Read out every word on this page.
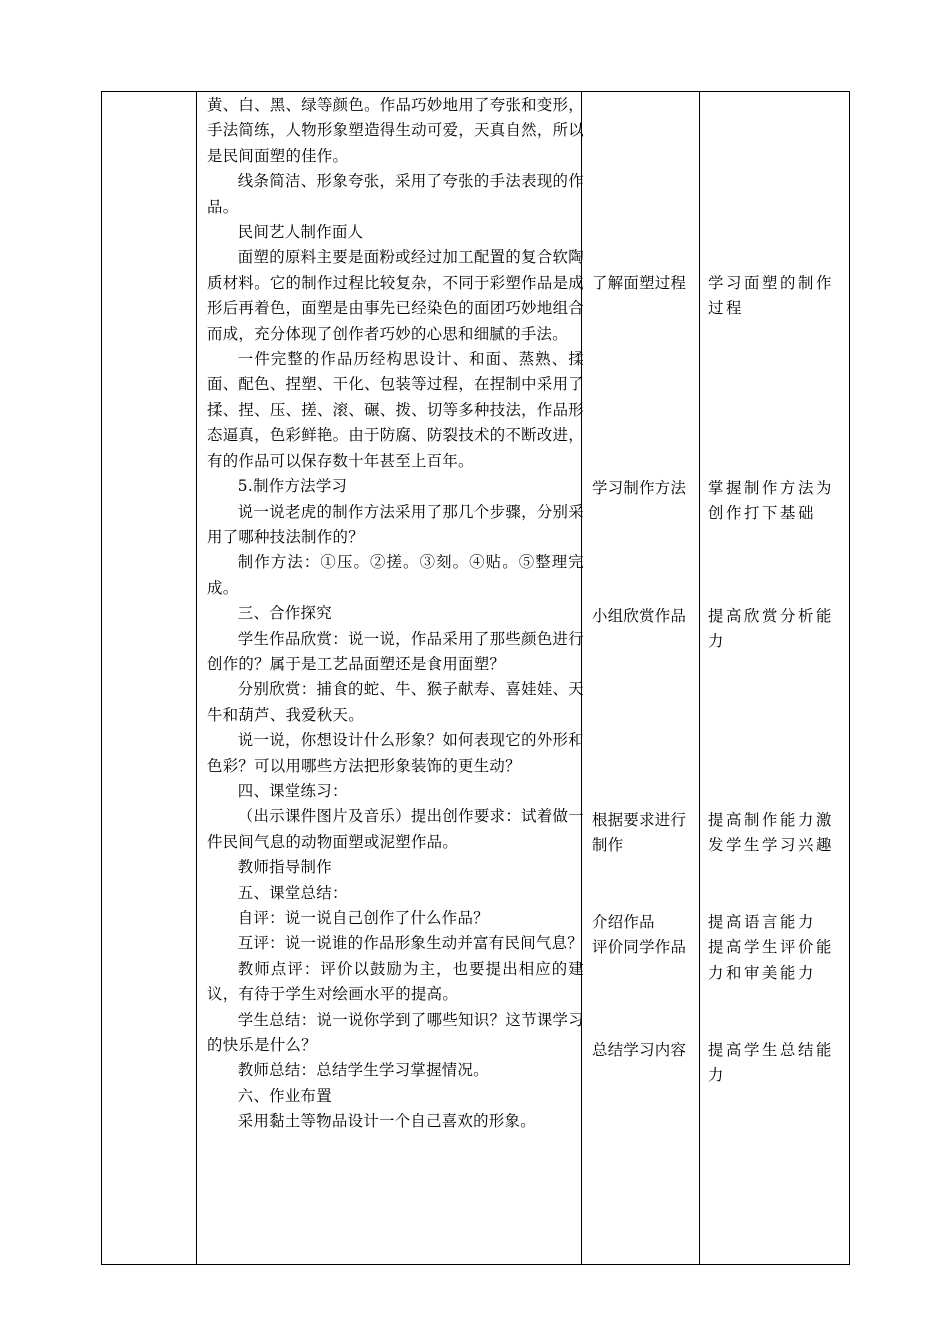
黄、白、黑、绿等颜色。作品巧妙地用了夸张和变形，手法简练，人物形象塑造得生动可爱，天真自然，所以是民间面塑的佳作。

线条简洁、形象夸张，采用了夸张的手法表现的作品。

民间艺人制作面人

面塑的原料主要是面粉或经过加工配置的复合软陶质材料。它的制作过程比较复杂，不同于彩塑作品是成形后再着色，面塑是由事先已经染色的面团巧妙地组合而成，充分体现了创作者巧妙的心思和细腻的手法。

一件完整的作品历经构思设计、和面、蒸熟、揉面、配色、捏塑、干化、包装等过程，在捏制中采用了揉、捏、压、搓、滚、碾、拨、切等多种技法，作品形态逼真，色彩鲜艳。由于防腐、防裂技术的不断改进，有的作品可以保存数十年甚至上百年。

5.制作方法学习

说一说老虎的制作方法采用了那几个步骤，分别采用了哪种技法制作的？

制作方法：①压。②搓。③刻。④贴。⑤整理完成。

三、合作探究

学生作品欣赏：说一说，作品采用了那些颜色进行创作的？属于是工艺品面塑还是食用面塑？

分别欣赏：捕食的蛇、牛、猴子献寿、喜娃娃、天牛和葫芦、我爱秋天。

说一说，你想设计什么形象？如何表现它的外形和色彩？可以用哪些方法把形象装饰的更生动？

四、课堂练习：

（出示课件图片及音乐）提出创作要求：试着做一件民间气息的动物面塑或泥塑作品。

教师指导制作

五、课堂总结：

自评：说一说自己创作了什么作品？

互评：说一说谁的作品形象生动并富有民间气息？

教师点评：评价以鼓励为主，也要提出相应的建议，有待于学生对绘画水平的提高。

学生总结：说一说你学到了哪些知识？这节课学习的快乐是什么？

教师总结：总结学生学习掌握情况。

六、作业布置

采用黏土等物品设计一个自己喜欢的形象。

了解面塑过程
学习制作方法
小组欣赏作品
根据要求进行
制作
介绍作品
评价同学作品
总结学习内容
学习面塑的制作
过程
掌握制作方法为
创作打下基础
提高欣赏分析能
力
提高制作能力激
发学生学习兴趣
提高语言能力
提高学生评价能
力和审美能力
提高学生总结能
力
